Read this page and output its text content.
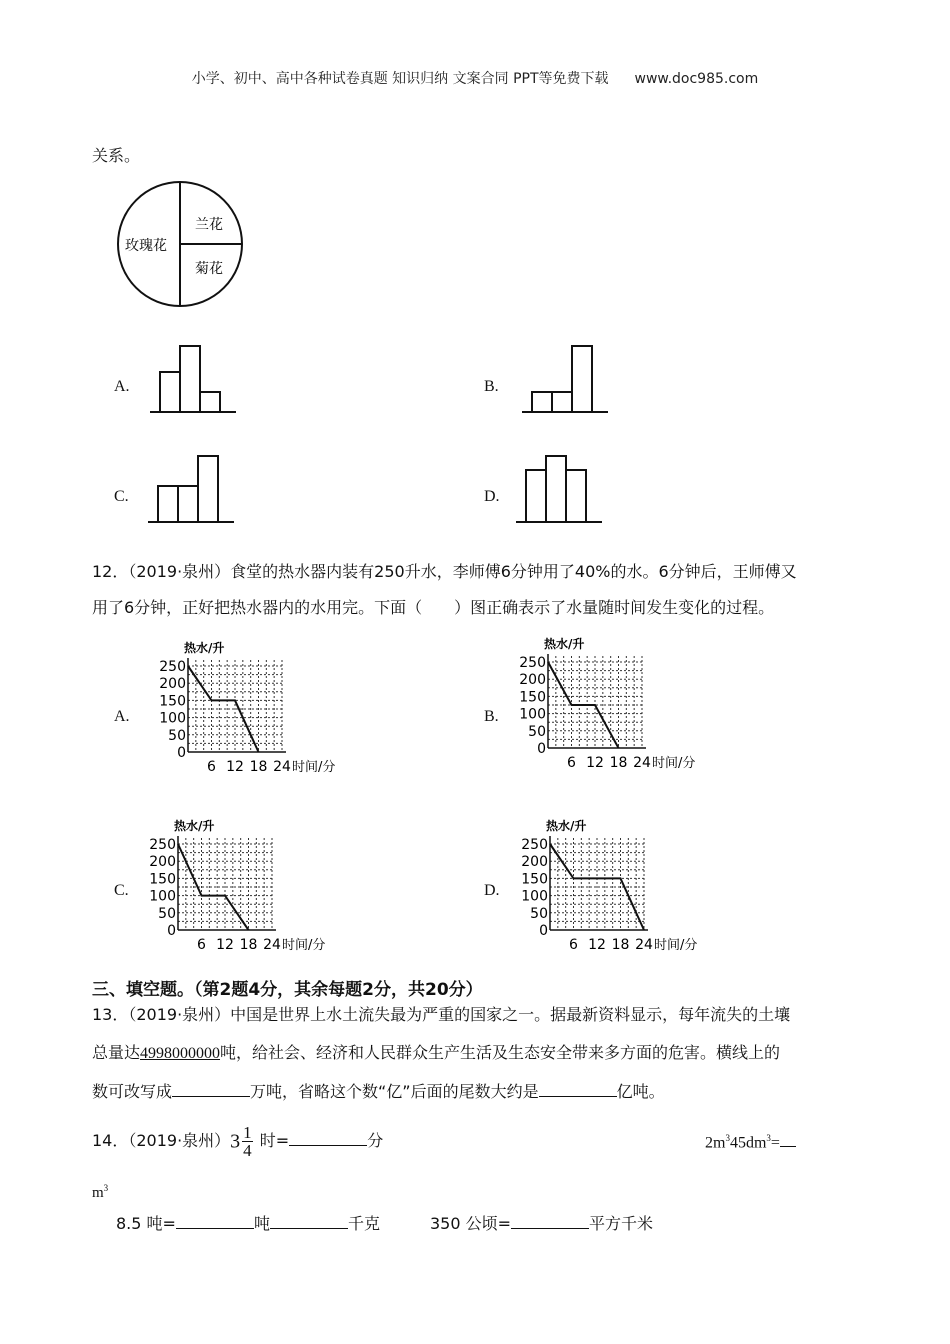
小学、初中、高中各种试卷真题 知识归纳 文案合同 PPT等免费下载 www.doc985.com
关系。
兰花
玫瑰花
菊花
A.	B.
C.	D.
12．（2019·泉州）食堂的热水器内装有250升水，李师傅6分钟用了40%的水。6分钟后，王师傅又
用了6分钟，正好把热水器内的水用完。下面（　　）图正确表示了水量随时间发生变化的过程。
A.
热水/升
250
200
150
100
50
0
6 12 18 24 时间/分
B.
热水/升
250
200
150
100
50
0
6 12 18 24 时间/分
C.
热水/升
250
200
150
100
50
0
6 12 18 24 时间/分
D.
热水/升
250
200
150
100
50
0
6 12 18 24 时间/分
三、填空题。（第2题4分，其余每题2分，共20分）
13．（2019·泉州）中国是世界上水土流失最为严重的国家之一。据最新资料显示，每年流失的土壤
总量达4998000000吨，给社会、经济和人民群众生产生活及生态安全带来多方面的危害。横线上的
数可改写成	万吨，省略这个数“亿”后面的尾数大约是	亿吨。
14．（2019·泉州）$3 \frac{1}{4}$ 时=	分	$2m^345dm^3=$
$m^3$
8.5 吨=	吨	千克	350 公顷=	平方千米
